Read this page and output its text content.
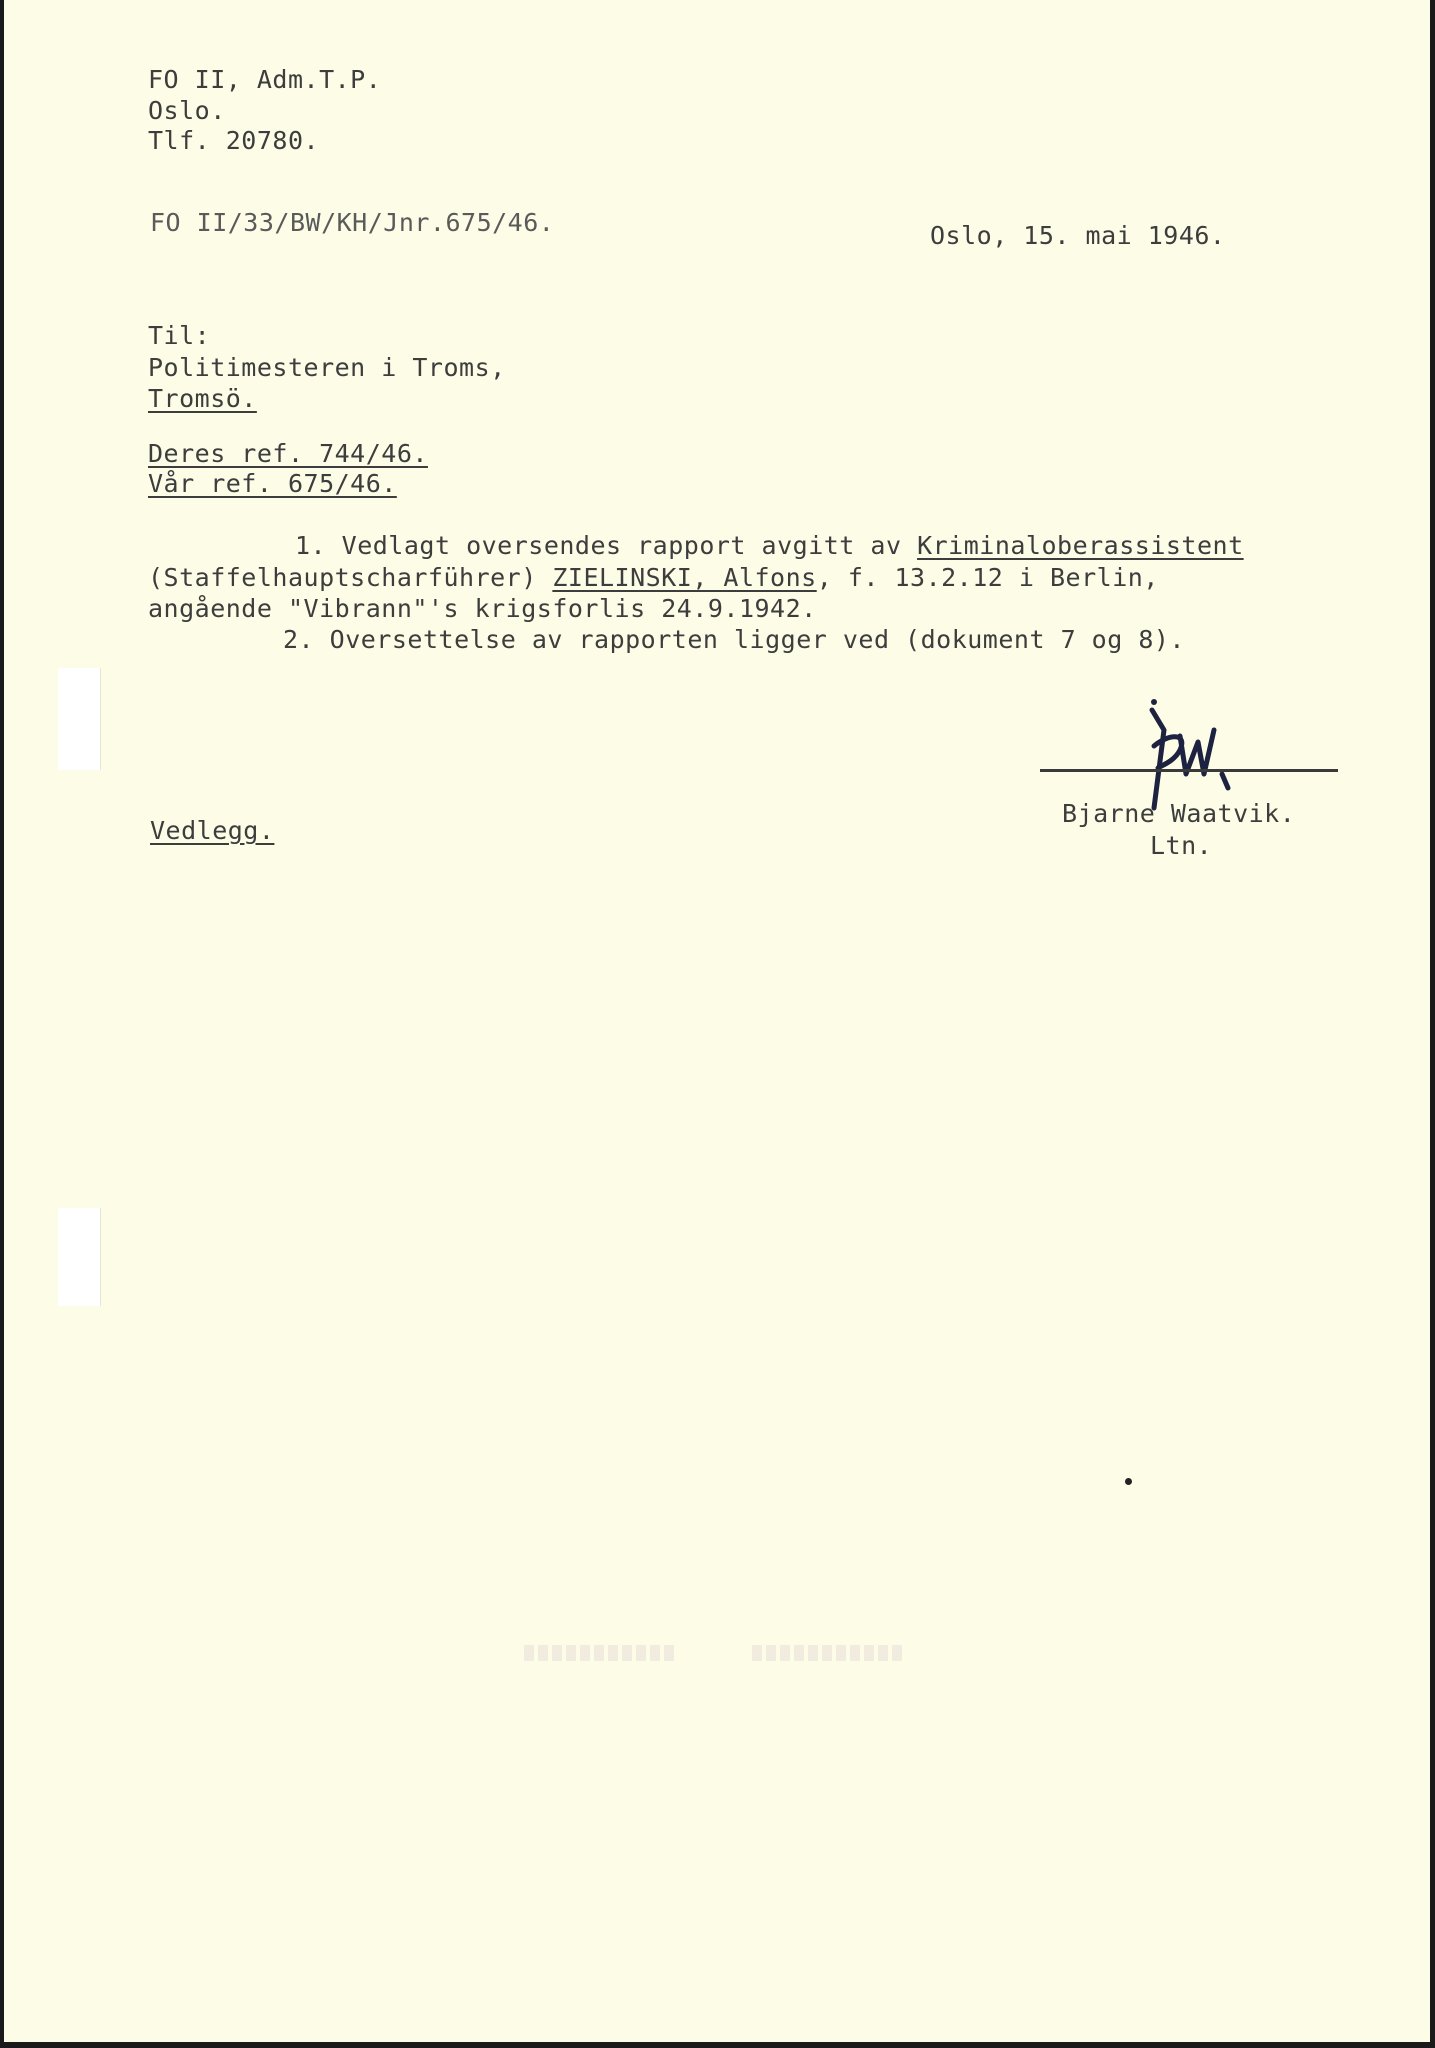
FO II, Adm.T.P.

Oslo.

Tlf. 20780.

FO II/33/BW/KH/Jnr.675/46.	Oslo, 15. mai 1946.

Til:

Politimesteren i Troms,

Tromsö.

Deres ref. 744/46.

Vår ref. 675/46.

1. Vedlagt oversendes rapport avgitt av Kriminaloberassistent

(Staffelhauptscharführer) ZIELINSKI, Alfons, f. 13.2.12 i Berlin,

angående "Vibrann"'s krigsforlis 24.9.1942.

2. Oversettelse av rapporten ligger ved (dokument 7 og 8).

Bjarne Waatvik.

Ltn.

Vedlegg.
